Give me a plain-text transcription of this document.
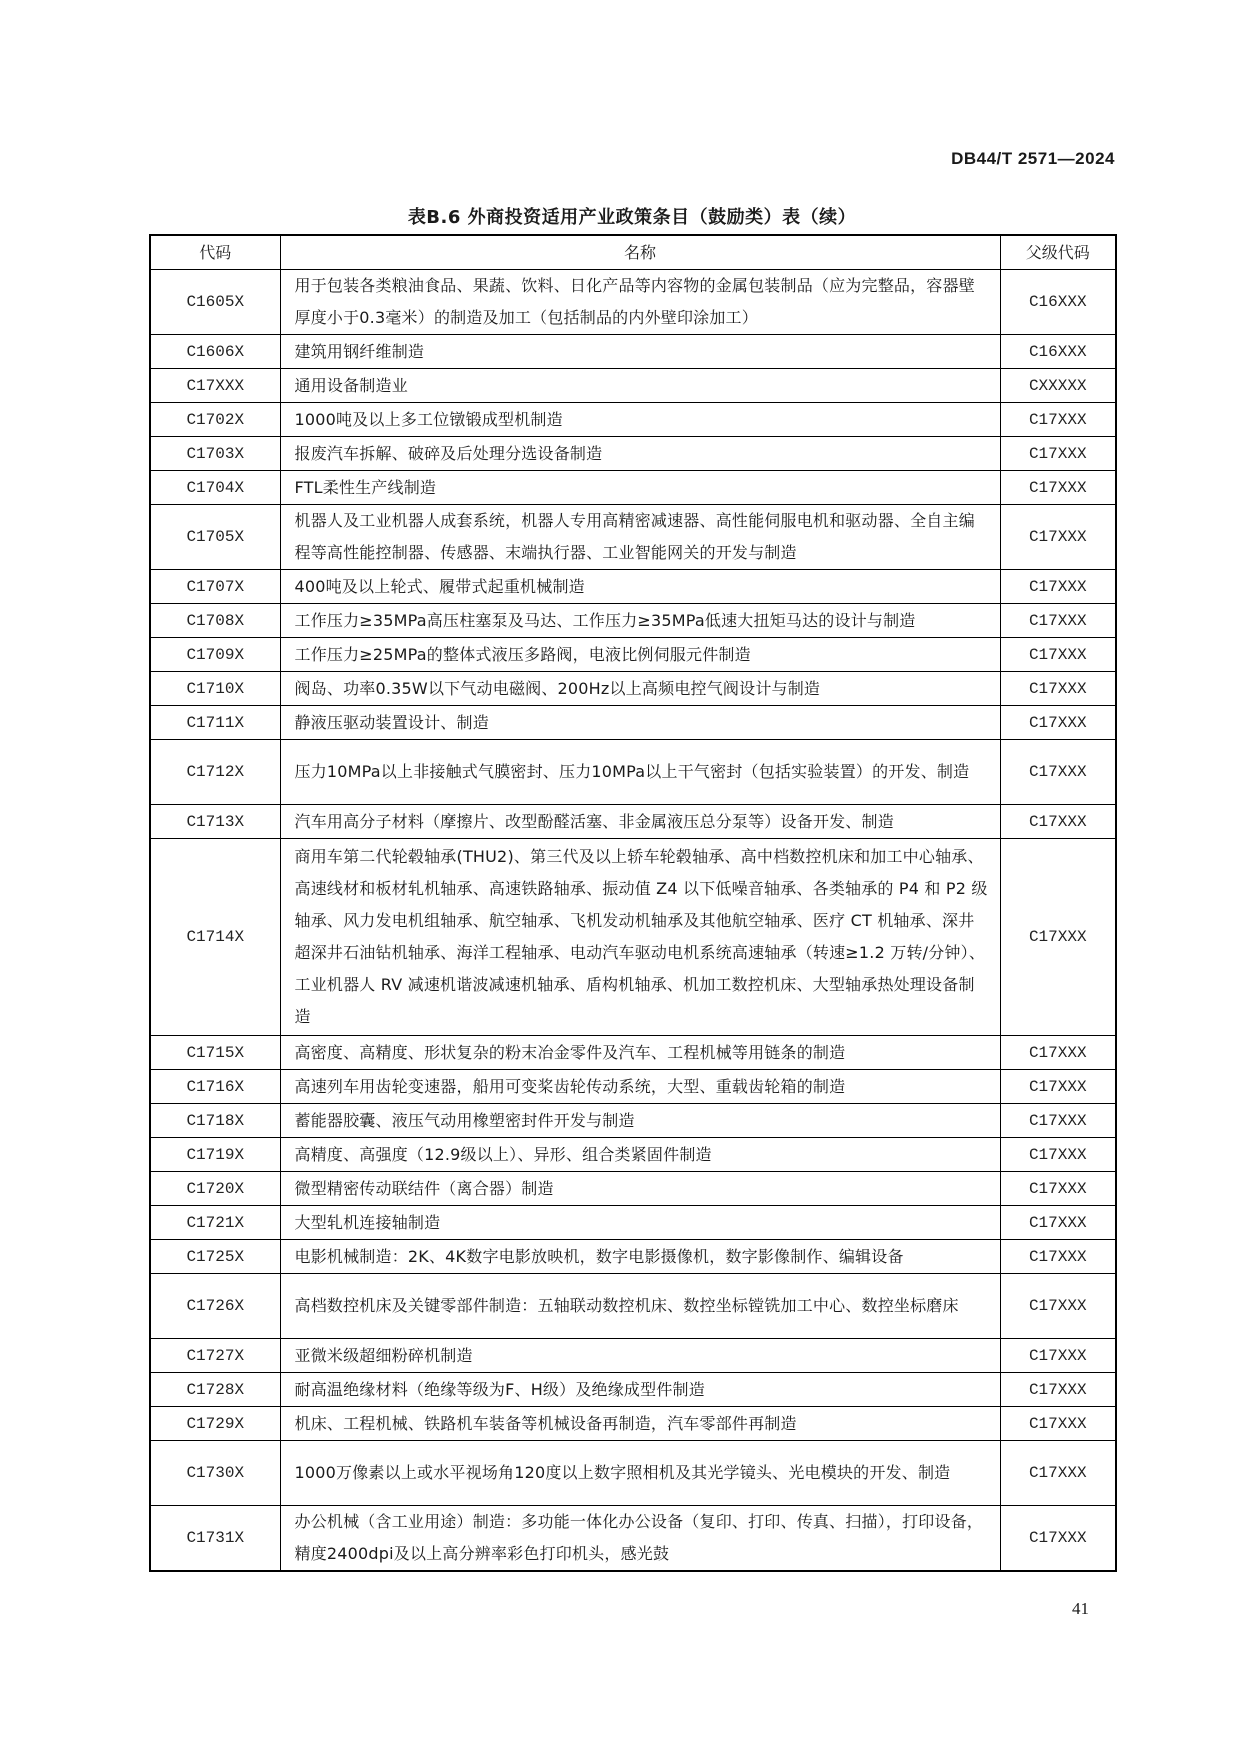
DB44/T 2571—2024
表B.6 外商投资适用产业政策条目（鼓励类）表（续）
代码	名称	父级代码
C1605X	用于包装各类粮油食品、果蔬、饮料、日化产品等内容物的金属包装制品（应为完整品，容器壁厚度小于0.3毫米）的制造及加工（包括制品的内外壁印涂加工）	C16XXX
C1606X	建筑用钢纤维制造	C16XXX
C17XXX	通用设备制造业	CXXXXX
C1702X	1000吨及以上多工位镦锻成型机制造	C17XXX
C1703X	报废汽车拆解、破碎及后处理分选设备制造	C17XXX
C1704X	FTL柔性生产线制造	C17XXX
C1705X	机器人及工业机器人成套系统，机器人专用高精密减速器、高性能伺服电机和驱动器、全自主编程等高性能控制器、传感器、末端执行器、工业智能网关的开发与制造	C17XXX
C1707X	400吨及以上轮式、履带式起重机械制造	C17XXX
C1708X	工作压力≥35MPa高压柱塞泵及马达、工作压力≥35MPa低速大扭矩马达的设计与制造	C17XXX
C1709X	工作压力≥25MPa的整体式液压多路阀，电液比例伺服元件制造	C17XXX
C1710X	阀岛、功率0.35W以下气动电磁阀、200Hz以上高频电控气阀设计与制造	C17XXX
C1711X	静液压驱动装置设计、制造	C17XXX
C1712X	压力10MPa以上非接触式气膜密封、压力10MPa以上干气密封（包括实验装置）的开发、制造	C17XXX
C1713X	汽车用高分子材料（摩擦片、改型酚醛活塞、非金属液压总分泵等）设备开发、制造	C17XXX
C1714X	商用车第二代轮毂轴承(THU2)、第三代及以上轿车轮毂轴承、高中档数控机床和加工中心轴承、高速线材和板材轧机轴承、高速铁路轴承、振动值 Z4 以下低噪音轴承、各类轴承的 P4 和 P2 级轴承、风力发电机组轴承、航空轴承、飞机发动机轴承及其他航空轴承、医疗 CT 机轴承、深井超深井石油钻机轴承、海洋工程轴承、电动汽车驱动电机系统高速轴承（转速≥1.2 万转/分钟）、工业机器人 RV 减速机谐波减速机轴承、盾构机轴承、机加工数控机床、大型轴承热处理设备制造	C17XXX
C1715X	高密度、高精度、形状复杂的粉末冶金零件及汽车、工程机械等用链条的制造	C17XXX
C1716X	高速列车用齿轮变速器，船用可变桨齿轮传动系统，大型、重载齿轮箱的制造	C17XXX
C1718X	蓄能器胶囊、液压气动用橡塑密封件开发与制造	C17XXX
C1719X	高精度、高强度（12.9级以上）、异形、组合类紧固件制造	C17XXX
C1720X	微型精密传动联结件（离合器）制造	C17XXX
C1721X	大型轧机连接轴制造	C17XXX
C1725X	电影机械制造：2K、4K数字电影放映机，数字电影摄像机，数字影像制作、编辑设备	C17XXX
C1726X	高档数控机床及关键零部件制造：五轴联动数控机床、数控坐标镗铣加工中心、数控坐标磨床	C17XXX
C1727X	亚微米级超细粉碎机制造	C17XXX
C1728X	耐高温绝缘材料（绝缘等级为F、H级）及绝缘成型件制造	C17XXX
C1729X	机床、工程机械、铁路机车装备等机械设备再制造，汽车零部件再制造	C17XXX
C1730X	1000万像素以上或水平视场角120度以上数字照相机及其光学镜头、光电模块的开发、制造	C17XXX
C1731X	办公机械（含工业用途）制造：多功能一体化办公设备（复印、打印、传真、扫描），打印设备，精度2400dpi及以上高分辨率彩色打印机头，感光鼓	C17XXX
41
